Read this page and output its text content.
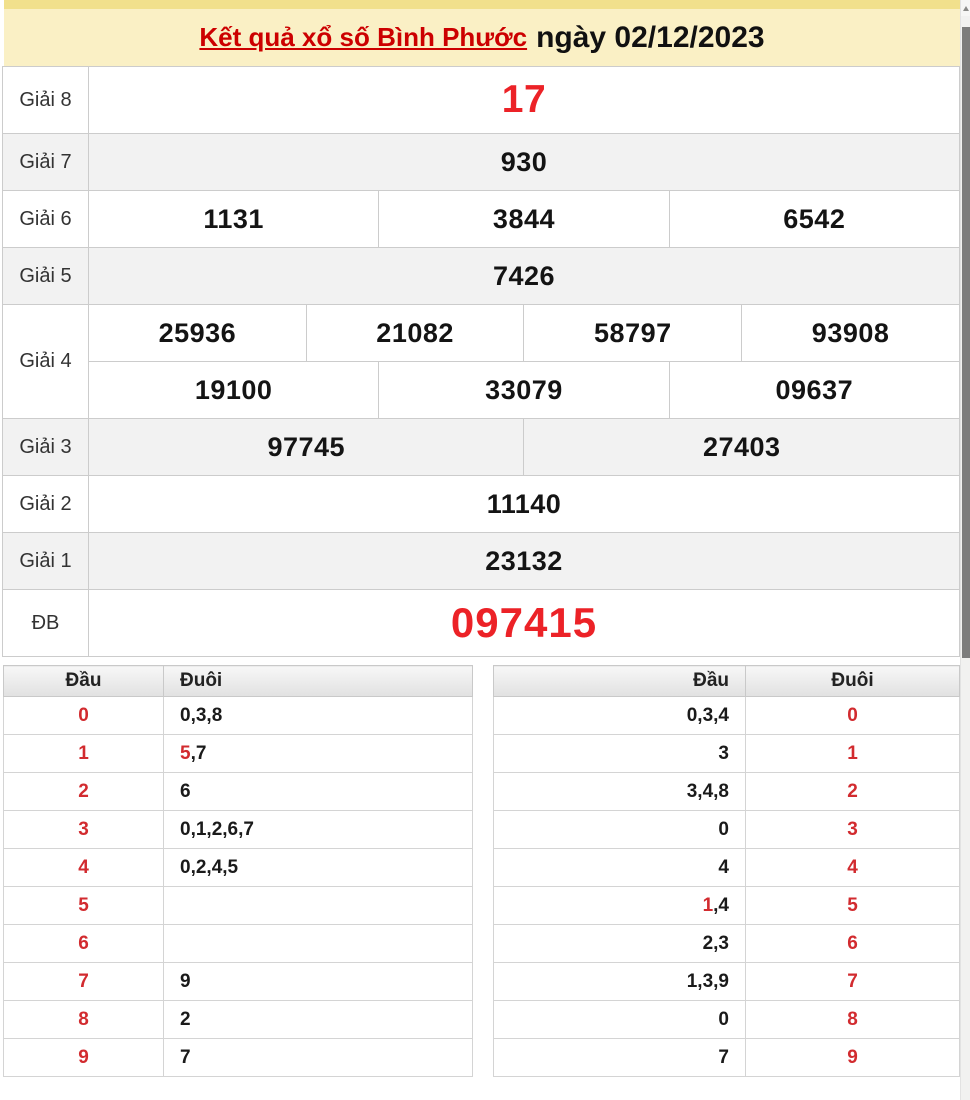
Kết quả xổ số Bình Phước ngày 02/12/2023
Giải 8	17					
Giải 7	930					
Giải 6	1131		3844		6542	
Giải 5	7426					
Giải 4	25936	21082		58797		93908
	19100		33079		09637	
Giải 3	97745			27403		
Giải 2	11140					
Giải 1	23132					
ĐB	097415					
Đầu	Đuôi
0	0,3,8
1	5,7
2	6
3	0,1,2,6,7
4	0,2,4,5
5	
6	
7	9
8	2
9	7
Đầu	Đuôi
0,3,4	0
3	1
3,4,8	2
0	3
4	4
1,4	5
2,3	6
1,3,9	7
0	8
7	9
